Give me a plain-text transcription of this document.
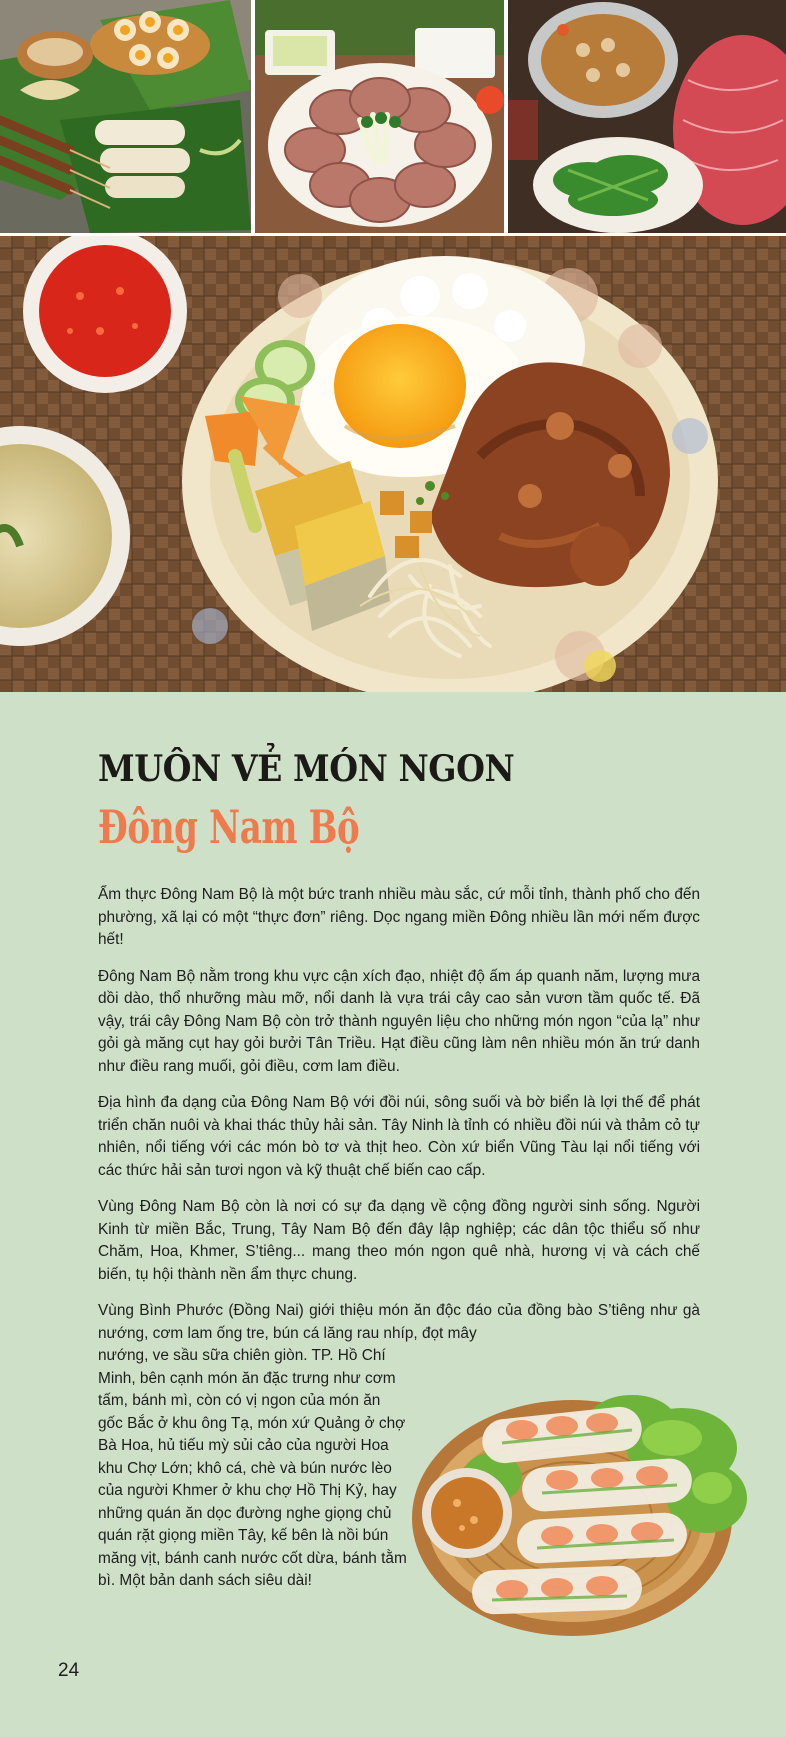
MUÔN VẺ MÓN NGON
Đông Nam Bộ

Ẩm thực Đông Nam Bộ là một bức tranh nhiều màu sắc, cứ mỗi tỉnh, thành phố cho đến phường, xã lại có một “thực đơn” riêng. Dọc ngang miền Đông nhiều lần mới nếm được hết!

Đông Nam Bộ nằm trong khu vực cận xích đạo, nhiệt độ ấm áp quanh năm, lượng mưa dồi dào, thổ nhưỡng màu mỡ, nổi danh là vựa trái cây cao sản vươn tầm quốc tế. Đã vậy, trái cây Đông Nam Bộ còn trở thành nguyên liệu cho những món ngon “của lạ” như gỏi gà măng cụt hay gỏi bưởi Tân Triều. Hạt điều cũng làm nên nhiều món ăn trứ danh như điều rang muối, gỏi điều, cơm lam điều.

Địa hình đa dạng của Đông Nam Bộ với đồi núi, sông suối và bờ biển là lợi thế để phát triển chăn nuôi và khai thác thủy hải sản. Tây Ninh là tỉnh có nhiều đồi núi và thảm cỏ tự nhiên, nổi tiếng với các món bò tơ và thịt heo. Còn xứ biển Vũng Tàu lại nổi tiếng với các thức hải sản tươi ngon và kỹ thuật chế biến cao cấp.

Vùng Đông Nam Bộ còn là nơi có sự đa dạng về cộng đồng người sinh sống. Người Kinh từ miền Bắc, Trung, Tây Nam Bộ đến đây lập nghiệp; các dân tộc thiểu số như Chăm, Hoa, Khmer, S’tiêng... mang theo món ngon quê nhà, hương vị và cách chế biến, tụ hội thành nền ẩm thực chung.

Vùng Bình Phước (Đồng Nai) giới thiệu món ăn độc đáo của đồng bào S’tiêng như gà nướng, cơm lam ống tre, bún cá lăng rau nhíp, đọt mây
nướng, ve sầu sữa chiên giòn. TP. Hồ Chí Minh, bên cạnh món ăn đặc trưng như cơm tấm, bánh mì, còn có vị ngon của món ăn gốc Bắc ở khu ông Tạ, món xứ Quảng ở chợ Bà Hoa, hủ tiếu mỳ sủi cảo của người Hoa khu Chợ Lớn; khô cá, chè và bún nước lèo của người Khmer ở khu chợ Hồ Thị Kỷ, hay những quán ăn dọc đường nghe giọng chủ quán rặt giọng miền Tây, kế bên là nồi bún măng vịt, bánh canh nước cốt dừa, bánh tằm bì. Một bản danh sách siêu dài!

24
